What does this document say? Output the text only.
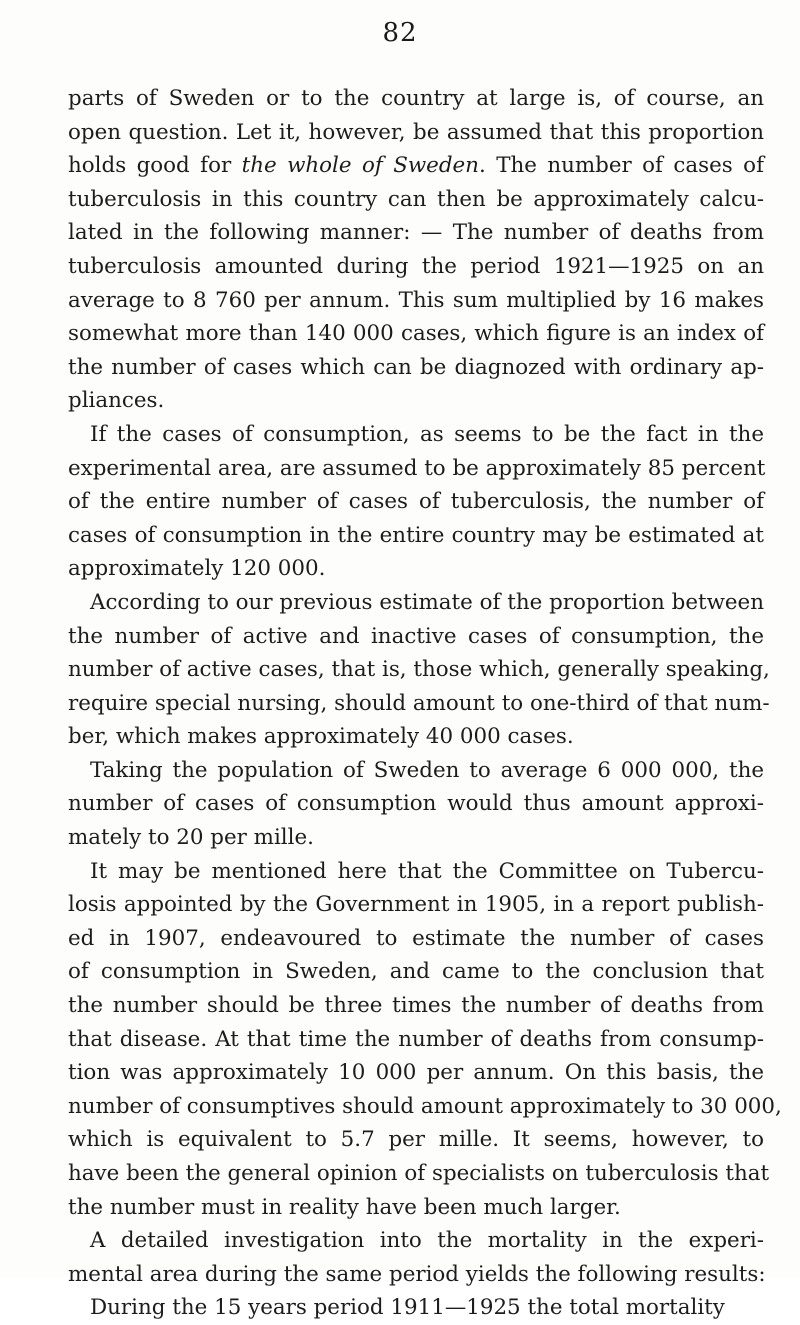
82
parts of Sweden or to the country at large is, of course, an
open question. Let it, however, be assumed that this proportion
holds good for the whole of Sweden. The number of cases of
tuberculosis in this country can then be approximately calcu-
lated in the following manner: — The number of deaths from
tuberculosis amounted during the period 1921—1925 on an
average to 8 760 per annum. This sum multiplied by 16 makes
somewhat more than 140 000 cases, which figure is an index of
the number of cases which can be diagnozed with ordinary ap-
pliances.
If the cases of consumption, as seems to be the fact in the
experimental area, are assumed to be approximately 85 percent
of the entire number of cases of tuberculosis, the number of
cases of consumption in the entire country may be estimated at
approximately 120 000.
According to our previous estimate of the proportion between
the number of active and inactive cases of consumption, the
number of active cases, that is, those which, generally speaking,
require special nursing, should amount to one-third of that num-
ber, which makes approximately 40 000 cases.
Taking the population of Sweden to average 6 000 000, the
number of cases of consumption would thus amount approxi-
mately to 20 per mille.
It may be mentioned here that the Committee on Tubercu-
losis appointed by the Government in 1905, in a report publish-
ed in 1907, endeavoured to estimate the number of cases
of consumption in Sweden, and came to the conclusion that
the number should be three times the number of deaths from
that disease. At that time the number of deaths from consump-
tion was approximately 10 000 per annum. On this basis, the
number of consumptives should amount approximately to 30 000,
which is equivalent to 5.7 per mille. It seems, however, to
have been the general opinion of specialists on tuberculosis that
the number must in reality have been much larger.
A detailed investigation into the mortality in the experi-
mental area during the same period yields the following results:
During the 15 years period 1911—1925 the total mortality
